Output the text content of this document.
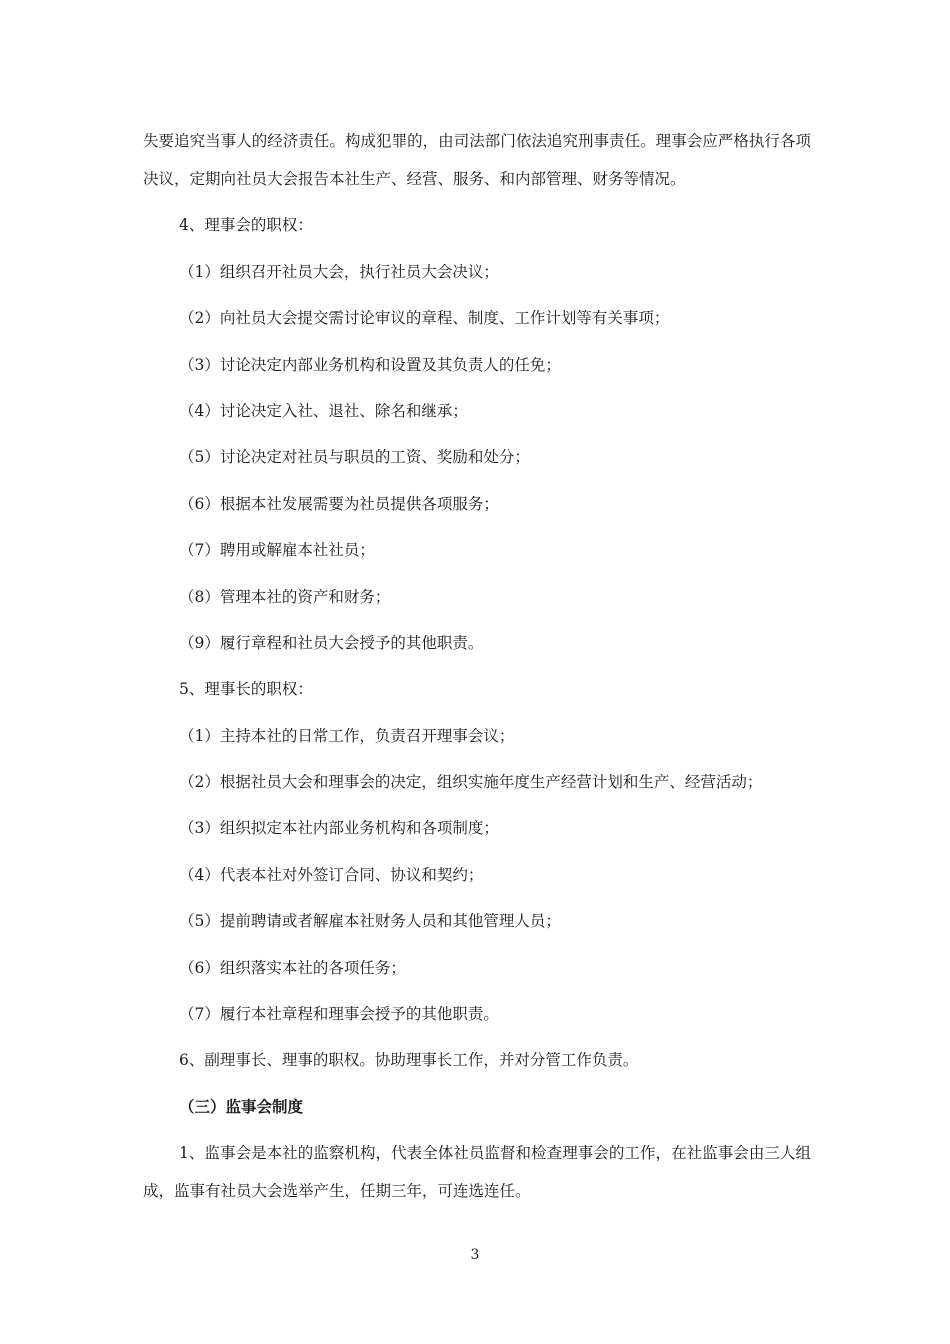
失要追究当事人的经济责任。构成犯罪的，由司法部门依法追究刑事责任。理事会应严格执行各项决议，定期向社员大会报告本社生产、经营、服务、和内部管理、财务等情况。

4、理事会的职权：

（1）组织召开社员大会，执行社员大会决议；

（2）向社员大会提交需讨论审议的章程、制度、工作计划等有关事项；

（3）讨论决定内部业务机构和设置及其负责人的任免；

（4）讨论决定入社、退社、除名和继承；

（5）讨论决定对社员与职员的工资、奖励和处分；

（6）根据本社发展需要为社员提供各项服务；

（7）聘用或解雇本社社员；

（8）管理本社的资产和财务；

（9）履行章程和社员大会授予的其他职责。

5、理事长的职权：

（1）主持本社的日常工作，负责召开理事会议；

（2）根据社员大会和理事会的决定，组织实施年度生产经营计划和生产、经营活动；

（3）组织拟定本社内部业务机构和各项制度；

（4）代表本社对外签订合同、协议和契约；

（5）提前聘请或者解雇本社财务人员和其他管理人员；

（6）组织落实本社的各项任务；

（7）履行本社章程和理事会授予的其他职责。

6、副理事长、理事的职权。协助理事长工作，并对分管工作负责。

（三）监事会制度

1、监事会是本社的监察机构，代表全体社员监督和检查理事会的工作，在社监事会由三人组成，监事有社员大会选举产生，任期三年，可连选连任。

3
